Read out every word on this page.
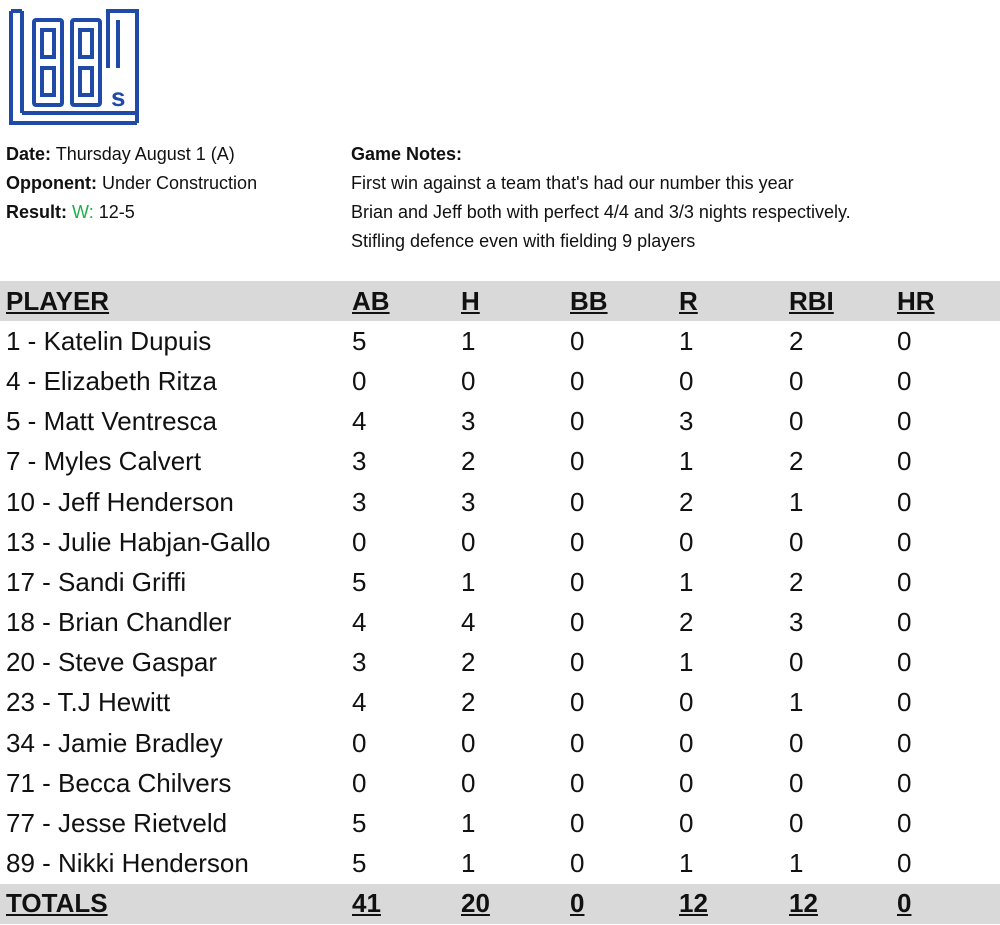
s
Date: Thursday August 1 (A)
Opponent: Under Construction
Result: W: 12-5
Game Notes:
First win against a team that's had our number this year
Brian and Jeff both with perfect 4/4 and 3/3 nights respectively.
Stifling defence even with fielding 9 players
PLAYER	AB	H	BB	R	RBI	HR
1 - Katelin Dupuis	5	1	0	1	2	0
4 - Elizabeth Ritza	0	0	0	0	0	0
5 - Matt Ventresca	4	3	0	3	0	0
7 - Myles Calvert	3	2	0	1	2	0
10 - Jeff Henderson	3	3	0	2	1	0
13 - Julie Habjan-Gallo	0	0	0	0	0	0
17 - Sandi Griffi	5	1	0	1	2	0
18 - Brian Chandler	4	4	0	2	3	0
20 - Steve Gaspar	3	2	0	1	0	0
23 - T.J Hewitt	4	2	0	0	1	0
34 - Jamie Bradley	0	0	0	0	0	0
71 - Becca Chilvers	0	0	0	0	0	0
77 - Jesse Rietveld	5	1	0	0	0	0
89 - Nikki Henderson	5	1	0	1	1	0
TOTALS	41	20	0	12	12	0
